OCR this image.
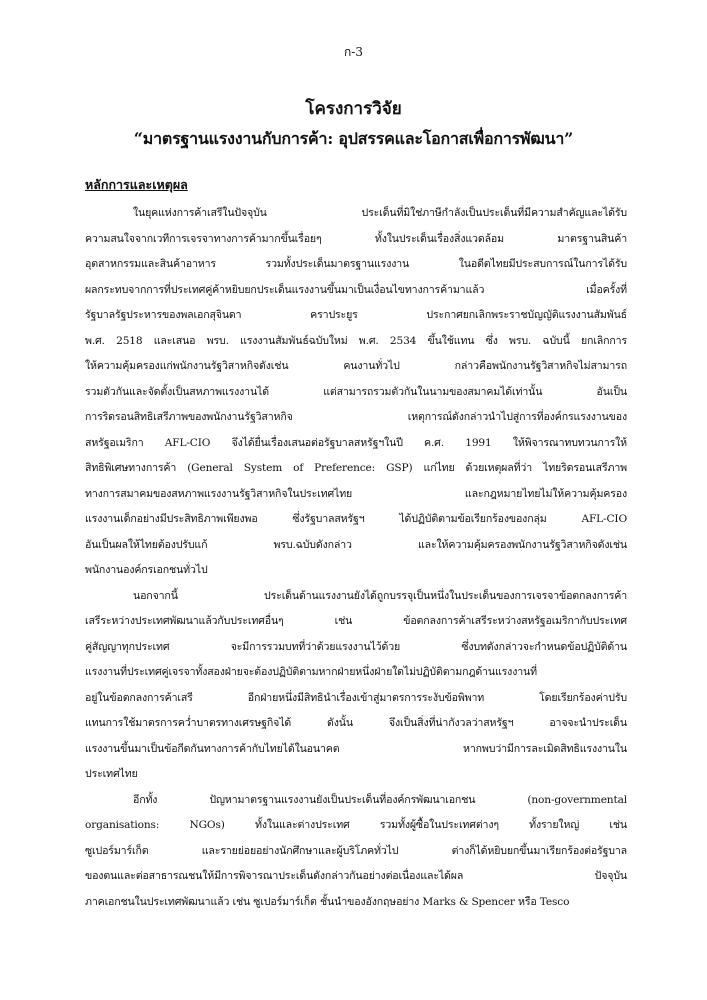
ก-3
โครงการวิจัย
“มาตรฐานแรงงานกับการค้า: อุปสรรคและโอกาสเพื่อการพัฒนา”
หลักการและเหตุผล
ในยุคแห่งการค้าเสรีในปัจจุบัน ประเด็นที่มิใช่ภาษีกำลังเป็นประเด็นที่มีความสำคัญและได้รับ
ความสนใจจากเวทีการเจรจาทางการค้ามากขึ้นเรื่อยๆ ทั้งในประเด็นเรื่องสิ่งแวดล้อม มาตรฐานสินค้า
อุตสาหกรรมและสินค้าอาหาร รวมทั้งประเด็นมาตรฐานแรงงาน ในอดีตไทยมีประสบการณ์ในการได้รับ
ผลกระทบจากการที่ประเทศคู่ค้าหยิบยกประเด็นแรงงานขึ้นมาเป็นเงื่อนไขทางการค้ามาแล้ว เมื่อครั้งที่
รัฐบาลรัฐประหารของพลเอกสุจินดา คราประยูร ประกาศยกเลิกพระราชบัญญัติแรงงานสัมพันธ์
พ.ศ. 2518 และเสนอ พรบ. แรงงานสัมพันธ์ฉบับใหม่ พ.ศ. 2534 ขึ้นใช้แทน ซึ่ง พรบ. ฉบับนี้ ยกเลิกการ
ให้ความคุ้มครองแก่พนักงานรัฐวิสาหกิจดังเช่น คนงานทั่วไป กล่าวคือพนักงานรัฐวิสาหกิจไม่สามารถ
รวมตัวกันและจัดตั้งเป็นสหภาพแรงงานได้ แต่สามารถรวมตัวกันในนามของสมาคมได้เท่านั้น อันเป็น
การริดรอนสิทธิเสรีภาพของพนักงานรัฐวิสาหกิจ เหตุการณ์ดังกล่าวนำไปสู่การที่องค์กรแรงงานของ
สหรัฐอเมริกา AFL-CIO จึงได้ยื่นเรื่องเสนอต่อรัฐบาลสหรัฐฯในปี ค.ศ. 1991 ให้พิจารณาทบทวนการให้
สิทธิพิเศษทางการค้า (General System of Preference: GSP) แก่ไทย ด้วยเหตุผลที่ว่า ไทยริดรอนเสรีภาพ
ทางการสมาคมของสหภาพแรงงานรัฐวิสาหกิจในประเทศไทย และกฎหมายไทยไม่ให้ความคุ้มครอง
แรงงานเด็กอย่างมีประสิทธิภาพเพียงพอ ซึ่งรัฐบาลสหรัฐฯ ได้ปฏิบัติตามข้อเรียกร้องของกลุ่ม AFL-CIO
อันเป็นผลให้ไทยต้องปรับแก้ พรบ.ฉบับดังกล่าว และให้ความคุ้มครองพนักงานรัฐวิสาหกิจดังเช่น
พนักงานองค์กรเอกชนทั่วไป
นอกจากนี้ ประเด็นด้านแรงงานยังได้ถูกบรรจุเป็นหนึ่งในประเด็นของการเจรจาข้อตกลงการค้า
เสรีระหว่างประเทศพัฒนาแล้วกับประเทศอื่นๆ เช่น ข้อตกลงการค้าเสรีระหว่างสหรัฐอเมริกากับประเทศ
คู่สัญญาทุกประเทศ จะมีการรวมบทที่ว่าด้วยแรงงานไว้ด้วย ซึ่งบทดังกล่าวจะกำหนดข้อปฏิบัติด้าน
แรงงานที่ประเทศคู่เจรจาทั้งสองฝ่ายจะต้องปฏิบัติตามหากฝ่ายหนึ่งฝ่ายใดไม่ปฏิบัติตามกฎด้านแรงงานที่
อยู่ในข้อตกลงการค้าเสรี อีกฝ่ายหนึ่งมีสิทธินำเรื่องเข้าสู่มาตรการระงับข้อพิพาท โดยเรียกร้องค่าปรับ
แทนการใช้มาตรการคว่ำบาตรทางเศรษฐกิจได้ ดังนั้น จึงเป็นสิ่งที่น่ากังวลว่าสหรัฐฯ อาจจะนำประเด็น
แรงงานขึ้นมาเป็นข้อกีดกันทางการค้ากับไทยได้ในอนาคต หากพบว่ามีการละเมิดสิทธิแรงงานใน
ประเทศไทย
อีกทั้ง ปัญหามาตรฐานแรงงานยังเป็นประเด็นที่องค์กรพัฒนาเอกชน (non-governmental
organisations: NGOs) ทั้งในและต่างประเทศ รวมทั้งผู้ซื้อในประเทศต่างๆ ทั้งรายใหญ่ เช่น
ซูเปอร์มาร์เก็ต และรายย่อยอย่างนักศึกษาและผู้บริโภคทั่วไป ต่างก็ได้หยิบยกขึ้นมาเรียกร้องต่อรัฐบาล
ของตนและต่อสาธารณชนให้มีการพิจารณาประเด็นดังกล่าวกันอย่างต่อเนื่องและได้ผล ปัจจุบัน
ภาคเอกชนในประเทศพัฒนาแล้ว เช่น ซูเปอร์มาร์เก็ต ชั้นนำของอังกฤษอย่าง Marks & Spencer หรือ Tesco
